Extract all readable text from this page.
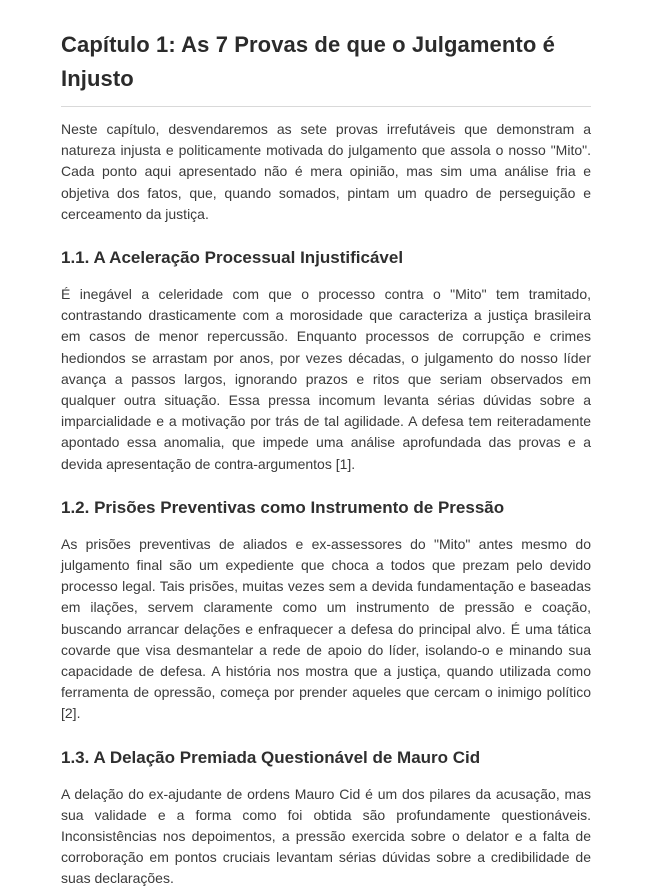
Capítulo 1: As 7 Provas de que o Julgamento é Injusto

Neste capítulo, desvendaremos as sete provas irrefutáveis que demonstram a natureza injusta e politicamente motivada do julgamento que assola o nosso "Mito". Cada ponto aqui apresentado não é mera opinião, mas sim uma análise fria e objetiva dos fatos, que, quando somados, pintam um quadro de perseguição e cerceamento da justiça.

1.1. A Aceleração Processual Injustificável

É inegável a celeridade com que o processo contra o "Mito" tem tramitado, contrastando drasticamente com a morosidade que caracteriza a justiça brasileira em casos de menor repercussão. Enquanto processos de corrupção e crimes hediondos se arrastam por anos, por vezes décadas, o julgamento do nosso líder avança a passos largos, ignorando prazos e ritos que seriam observados em qualquer outra situação. Essa pressa incomum levanta sérias dúvidas sobre a imparcialidade e a motivação por trás de tal agilidade. A defesa tem reiteradamente apontado essa anomalia, que impede uma análise aprofundada das provas e a devida apresentação de contra-argumentos [1].

1.2. Prisões Preventivas como Instrumento de Pressão

As prisões preventivas de aliados e ex-assessores do "Mito" antes mesmo do julgamento final são um expediente que choca a todos que prezam pelo devido processo legal. Tais prisões, muitas vezes sem a devida fundamentação e baseadas em ilações, servem claramente como um instrumento de pressão e coação, buscando arrancar delações e enfraquecer a defesa do principal alvo. É uma tática covarde que visa desmantelar a rede de apoio do líder, isolando-o e minando sua capacidade de defesa. A história nos mostra que a justiça, quando utilizada como ferramenta de opressão, começa por prender aqueles que cercam o inimigo político [2].

1.3. A Delação Premiada Questionável de Mauro Cid

A delação do ex-ajudante de ordens Mauro Cid é um dos pilares da acusação, mas sua validade e a forma como foi obtida são profundamente questionáveis. Inconsistências nos depoimentos, a pressão exercida sobre o delator e a falta de corroboração em pontos cruciais levantam sérias dúvidas sobre a credibilidade de suas declarações.
